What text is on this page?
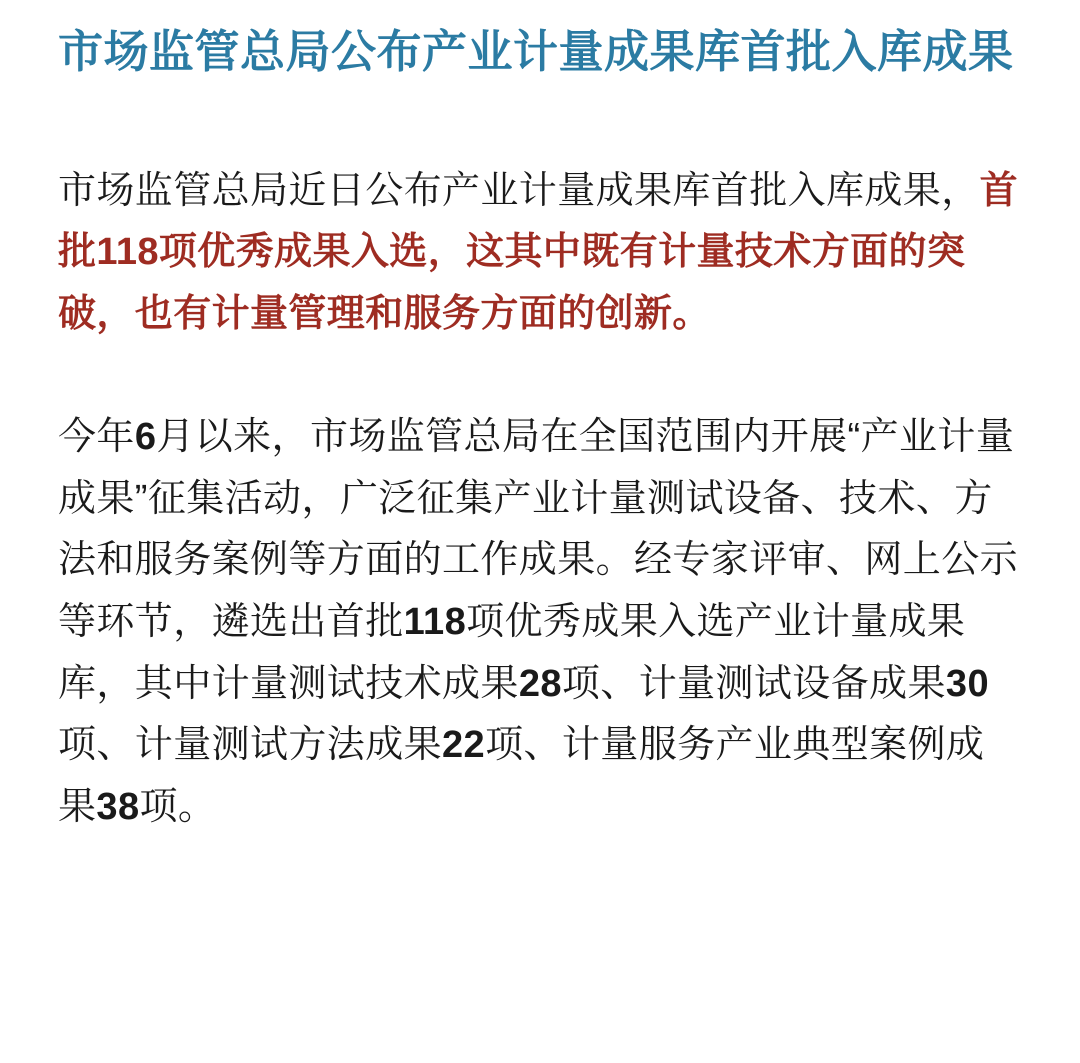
市场监管总局公布产业计量成果库首批入库成果

市场监管总局近日公布产业计量成果库首批入库成果，首批118项优秀成果入选，这其中既有计量技术方面的突破，也有计量管理和服务方面的创新。

今年6月以来，市场监管总局在全国范围内开展“产业计量成果”征集活动，广泛征集产业计量测试设备、技术、方法和服务案例等方面的工作成果。经专家评审、网上公示等环节，遴选出首批118项优秀成果入选产业计量成果库，其中计量测试技术成果28项、计量测试设备成果30项、计量测试方法成果22项、计量服务产业典型案例成果38项。
